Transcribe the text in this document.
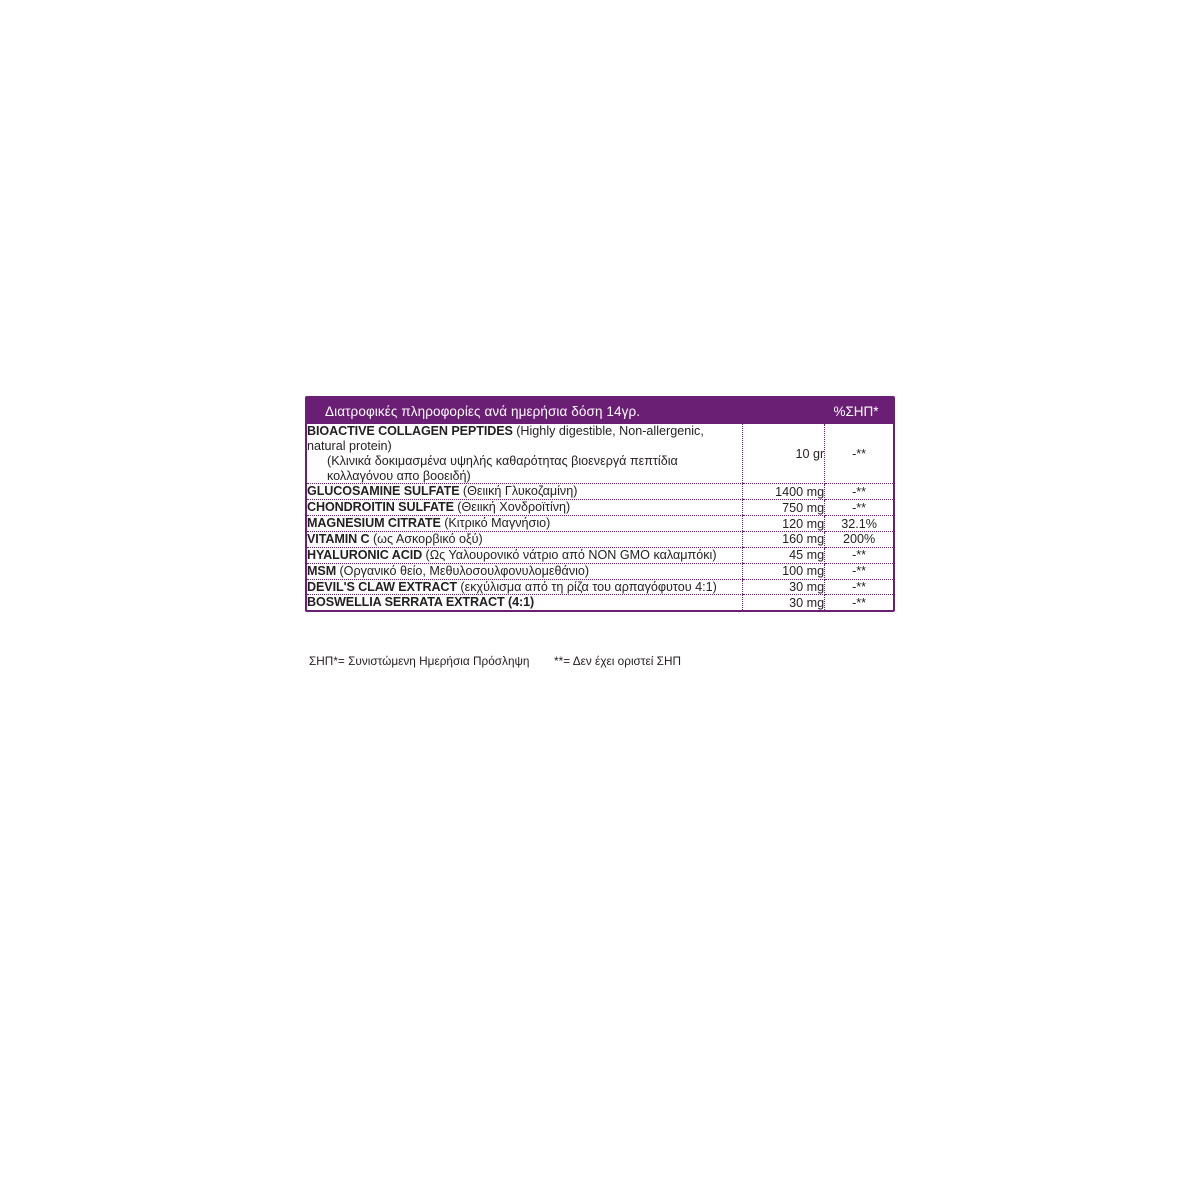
Διατροφικές πληροφορίες ανά ημερήσια δόση 14γρ.	%ΣΗΠ*
BIOACTIVE COLLAGEN PEPTIDES (Highly digestible, Non-allergenic, natural protein)
(Κλινικά δοκιμασμένα υψηλής καθαρότητας βιοενεργά πεπτίδια κολλαγόνου απο βοοειδή)	10 gr	-**
GLUCOSAMINE SULFATE (Θειική Γλυκοζαμίνη)	1400 mg	-**
CHONDROITIN SULFATE (Θειική Χονδροϊτίνη)	750 mg	-**
MAGNESIUM CITRATE (Κιτρικό Μαγνήσιο)	120 mg	32.1%
VITAMIN C (ως Ασκορβικό οξύ)	160 mg	200%
HYALURONIC ACID (Ως Υαλουρονικό νάτριο από NON GMO καλαμπόκι)	45 mg	-**
MSM (Οργανικό θείο, Μεθυλοσουλφονυλομεθάνιο)	100 mg	-**
DEVIL'S CLAW EXTRACT (εκχύλισμα από τη ρίζα του αρπαγόφυτου 4:1)	30 mg	-**
BOSWELLIA SERRATA EXTRACT (4:1)	30 mg	-**
ΣΗΠ*= Συνιστώμενη Ημερήσια Πρόσληψη **= Δεν έχει οριστεί ΣΗΠ
